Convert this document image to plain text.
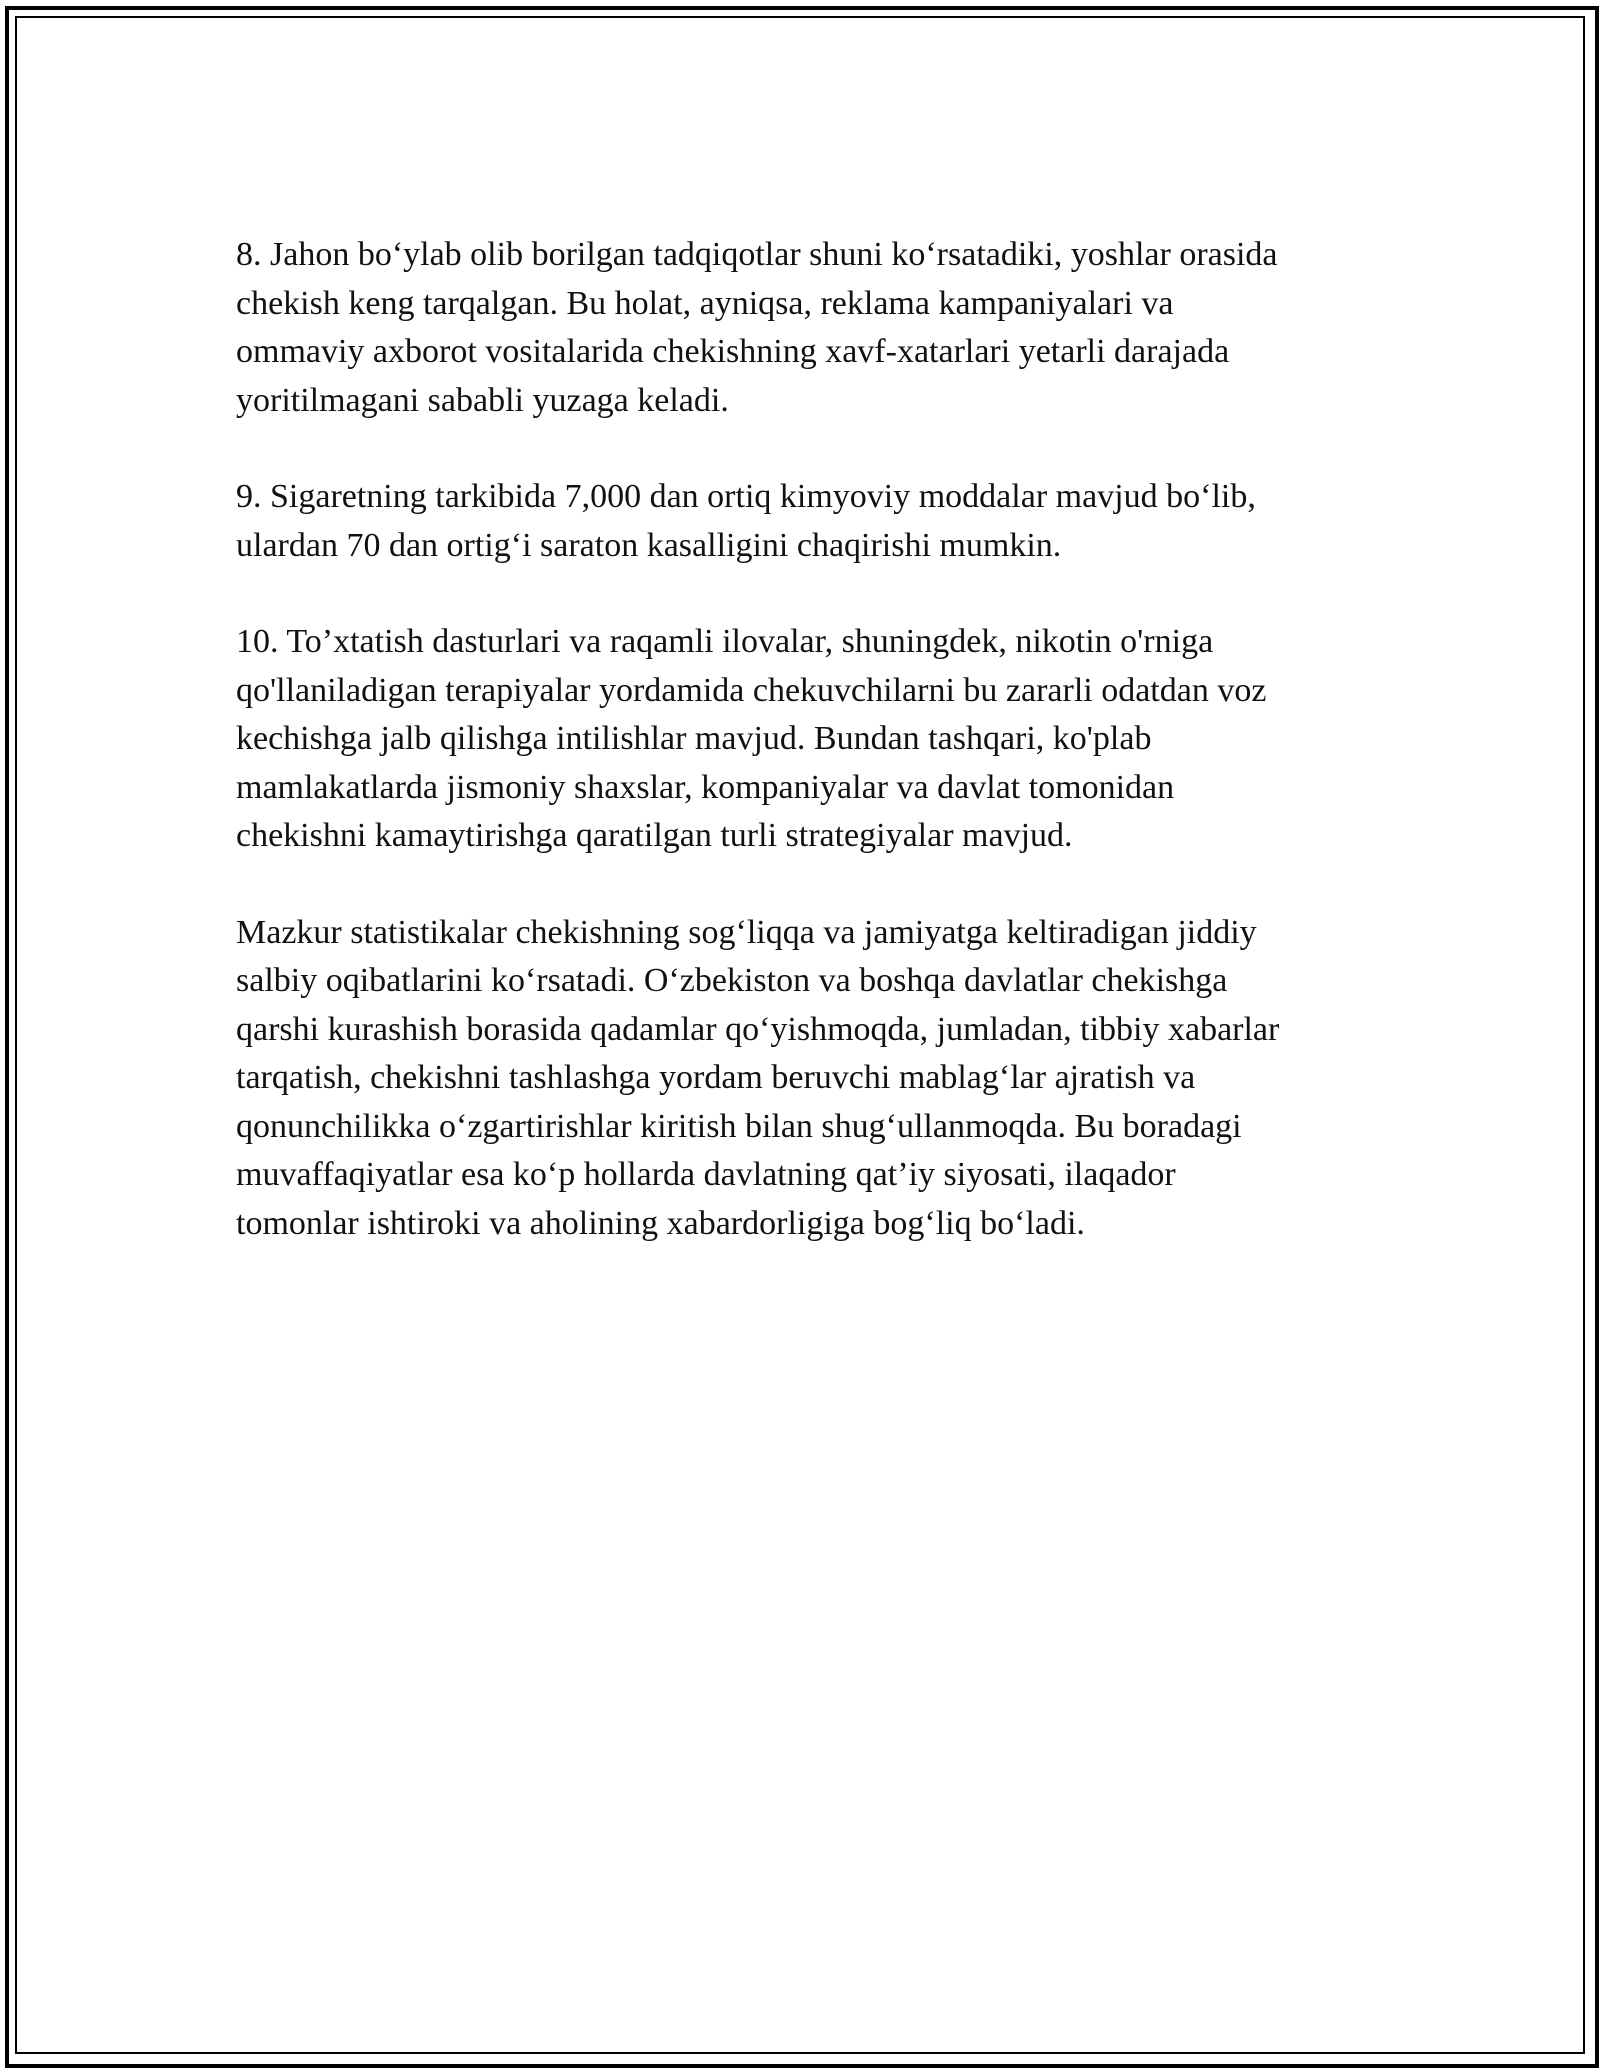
8. Jahon bo‘ylab olib borilgan tadqiqotlar shuni ko‘rsatadiki, yoshlar orasida
chekish keng tarqalgan. Bu holat, ayniqsa, reklama kampaniyalari va
ommaviy axborot vositalarida chekishning xavf-xatarlari yetarli darajada
yoritilmagani sababli yuzaga keladi.

9. Sigaretning tarkibida 7,000 dan ortiq kimyoviy moddalar mavjud bo‘lib,
ulardan 70 dan ortig‘i saraton kasalligini chaqirishi mumkin.

10. To’xtatish dasturlari va raqamli ilovalar, shuningdek, nikotin o'rniga
qo'llaniladigan terapiyalar yordamida chekuvchilarni bu zararli odatdan voz
kechishga jalb qilishga intilishlar mavjud. Bundan tashqari, ko'plab
mamlakatlarda jismoniy shaxslar, kompaniyalar va davlat tomonidan
chekishni kamaytirishga qaratilgan turli strategiyalar mavjud.

Mazkur statistikalar chekishning sog‘liqqa va jamiyatga keltiradigan jiddiy
salbiy oqibatlarini ko‘rsatadi. O‘zbekiston va boshqa davlatlar chekishga
qarshi kurashish borasida qadamlar qo‘yishmoqda, jumladan, tibbiy xabarlar
tarqatish, chekishni tashlashga yordam beruvchi mablag‘lar ajratish va
qonunchilikka o‘zgartirishlar kiritish bilan shug‘ullanmoqda. Bu boradagi
muvaffaqiyatlar esa ko‘p hollarda davlatning qat’iy siyosati, ilaqador
tomonlar ishtiroki va aholining xabardorligiga bog‘liq bo‘ladi.
